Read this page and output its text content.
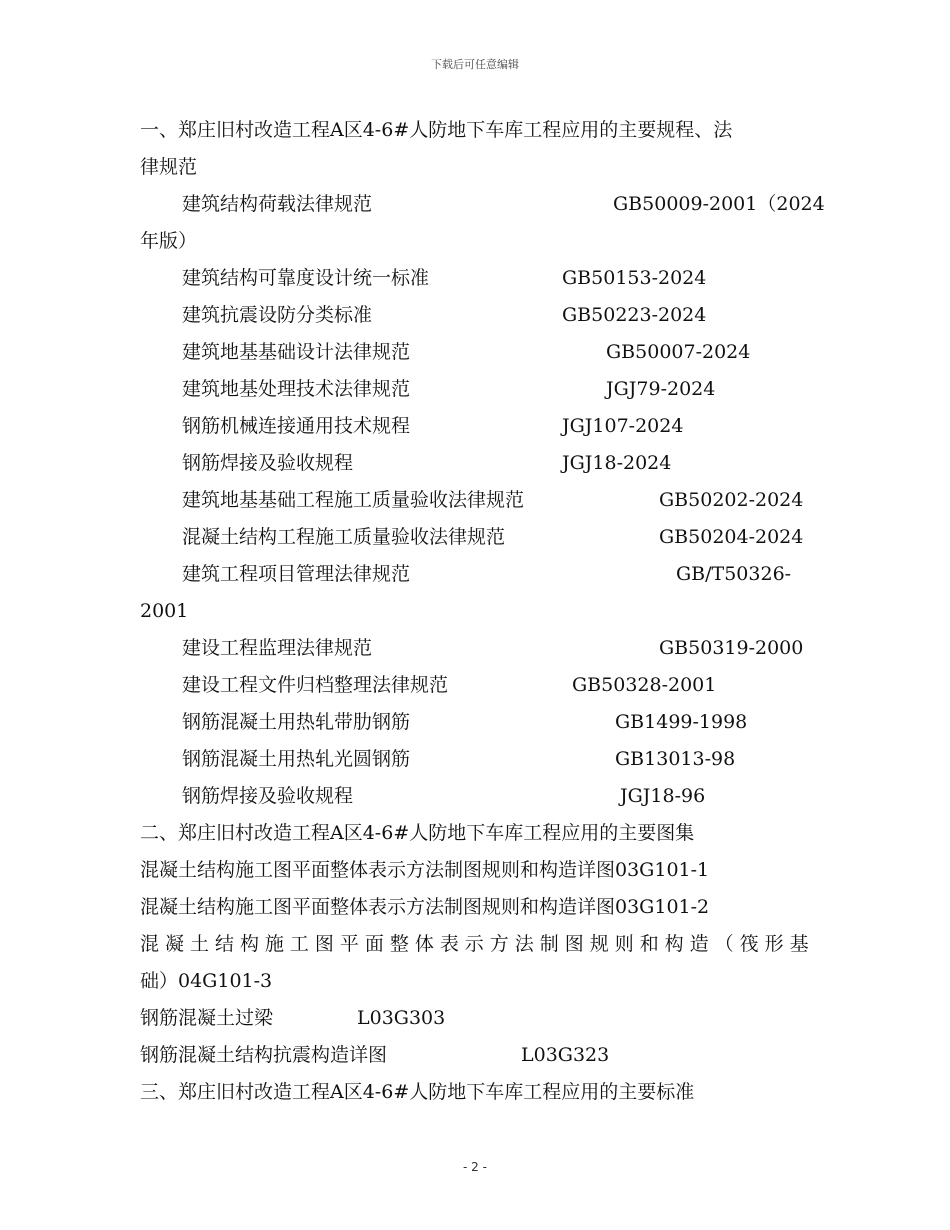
下载后可任意编辑
一、郑庄旧村改造工程A区4-6#人防地下车库工程应用的主要规程、法
律规范
建筑结构荷载法律规范	GB50009-2001（2024
年版）
建筑结构可靠度设计统一标准	GB50153-2024
建筑抗震设防分类标准	GB50223-2024
建筑地基基础设计法律规范	GB50007-2024
建筑地基处理技术法律规范	JGJ79-2024
钢筋机械连接通用技术规程	JGJ107-2024
钢筋焊接及验收规程	JGJ18-2024
建筑地基基础工程施工质量验收法律规范	GB50202-2024
混凝土结构工程施工质量验收法律规范	GB50204-2024
建筑工程项目管理法律规范	GB/T50326-
2001
建设工程监理法律规范	GB50319-2000
建设工程文件归档整理法律规范	GB50328-2001
钢筋混凝土用热轧带肋钢筋	GB1499-1998
钢筋混凝土用热轧光圆钢筋	GB13013-98
钢筋焊接及验收规程	JGJ18-96
二、郑庄旧村改造工程A区4-6#人防地下车库工程应用的主要图集
混凝土结构施工图平面整体表示方法制图规则和构造详图03G101-1
混凝土结构施工图平面整体表示方法制图规则和构造详图03G101-2
混 凝 土 结 构 施 工 图 平 面 整 体 表 示 方 法 制 图 规 则 和 构 造 （ 筏 形 基
础）04G101-3
钢筋混凝土过梁	L03G303
钢筋混凝土结构抗震构造详图	L03G323
三、郑庄旧村改造工程A区4-6#人防地下车库工程应用的主要标准
- 2 -
